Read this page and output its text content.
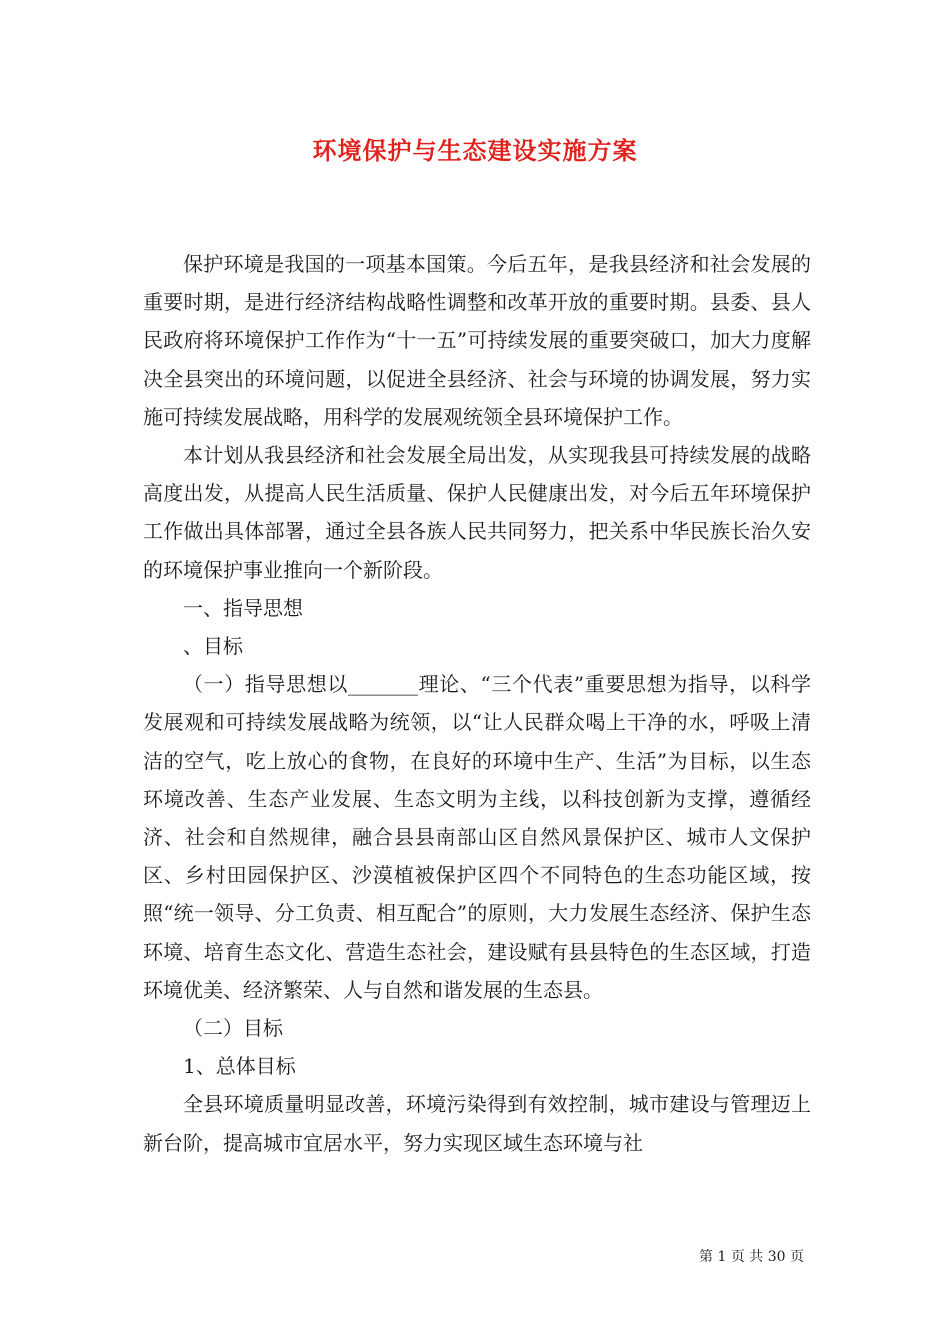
环境保护与生态建设实施方案

保护环境是我国的一项基本国策。今后五年，是我县经济和社会发展的重要时期，是进行经济结构战略性调整和改革开放的重要时期。县委、县人民政府将环境保护工作作为“十一五”可持续发展的重要突破口，加大力度解决全县突出的环境问题，以促进全县经济、社会与环境的协调发展，努力实施可持续发展战略，用科学的发展观统领全县环境保护工作。

本计划从我县经济和社会发展全局出发，从实现我县可持续发展的战略高度出发，从提高人民生活质量、保护人民健康出发，对今后五年环境保护工作做出具体部署，通过全县各族人民共同努力，把关系中华民族长治久安的环境保护事业推向一个新阶段。

一、指导思想

、目标

（一）指导思想以_______理论、“三个代表”重要思想为指导，以科学发展观和可持续发展战略为统领，以“让人民群众喝上干净的水，呼吸上清洁的空气，吃上放心的食物，在良好的环境中生产、生活”为目标，以生态环境改善、生态产业发展、生态文明为主线，以科技创新为支撑，遵循经济、社会和自然规律，融合县县南部山区自然风景保护区、城市人文保护区、乡村田园保护区、沙漠植被保护区四个不同特色的生态功能区域，按照“统一领导、分工负责、相互配合”的原则，大力发展生态经济、保护生态环境、培育生态文化、营造生态社会，建设赋有县县特色的生态区域，打造环境优美、经济繁荣、人与自然和谐发展的生态县。

（二）目标

1、总体目标

全县环境质量明显改善，环境污染得到有效控制，城市建设与管理迈上新台阶，提高城市宜居水平，努力实现区域生态环境与社

第 1 页 共 30 页
